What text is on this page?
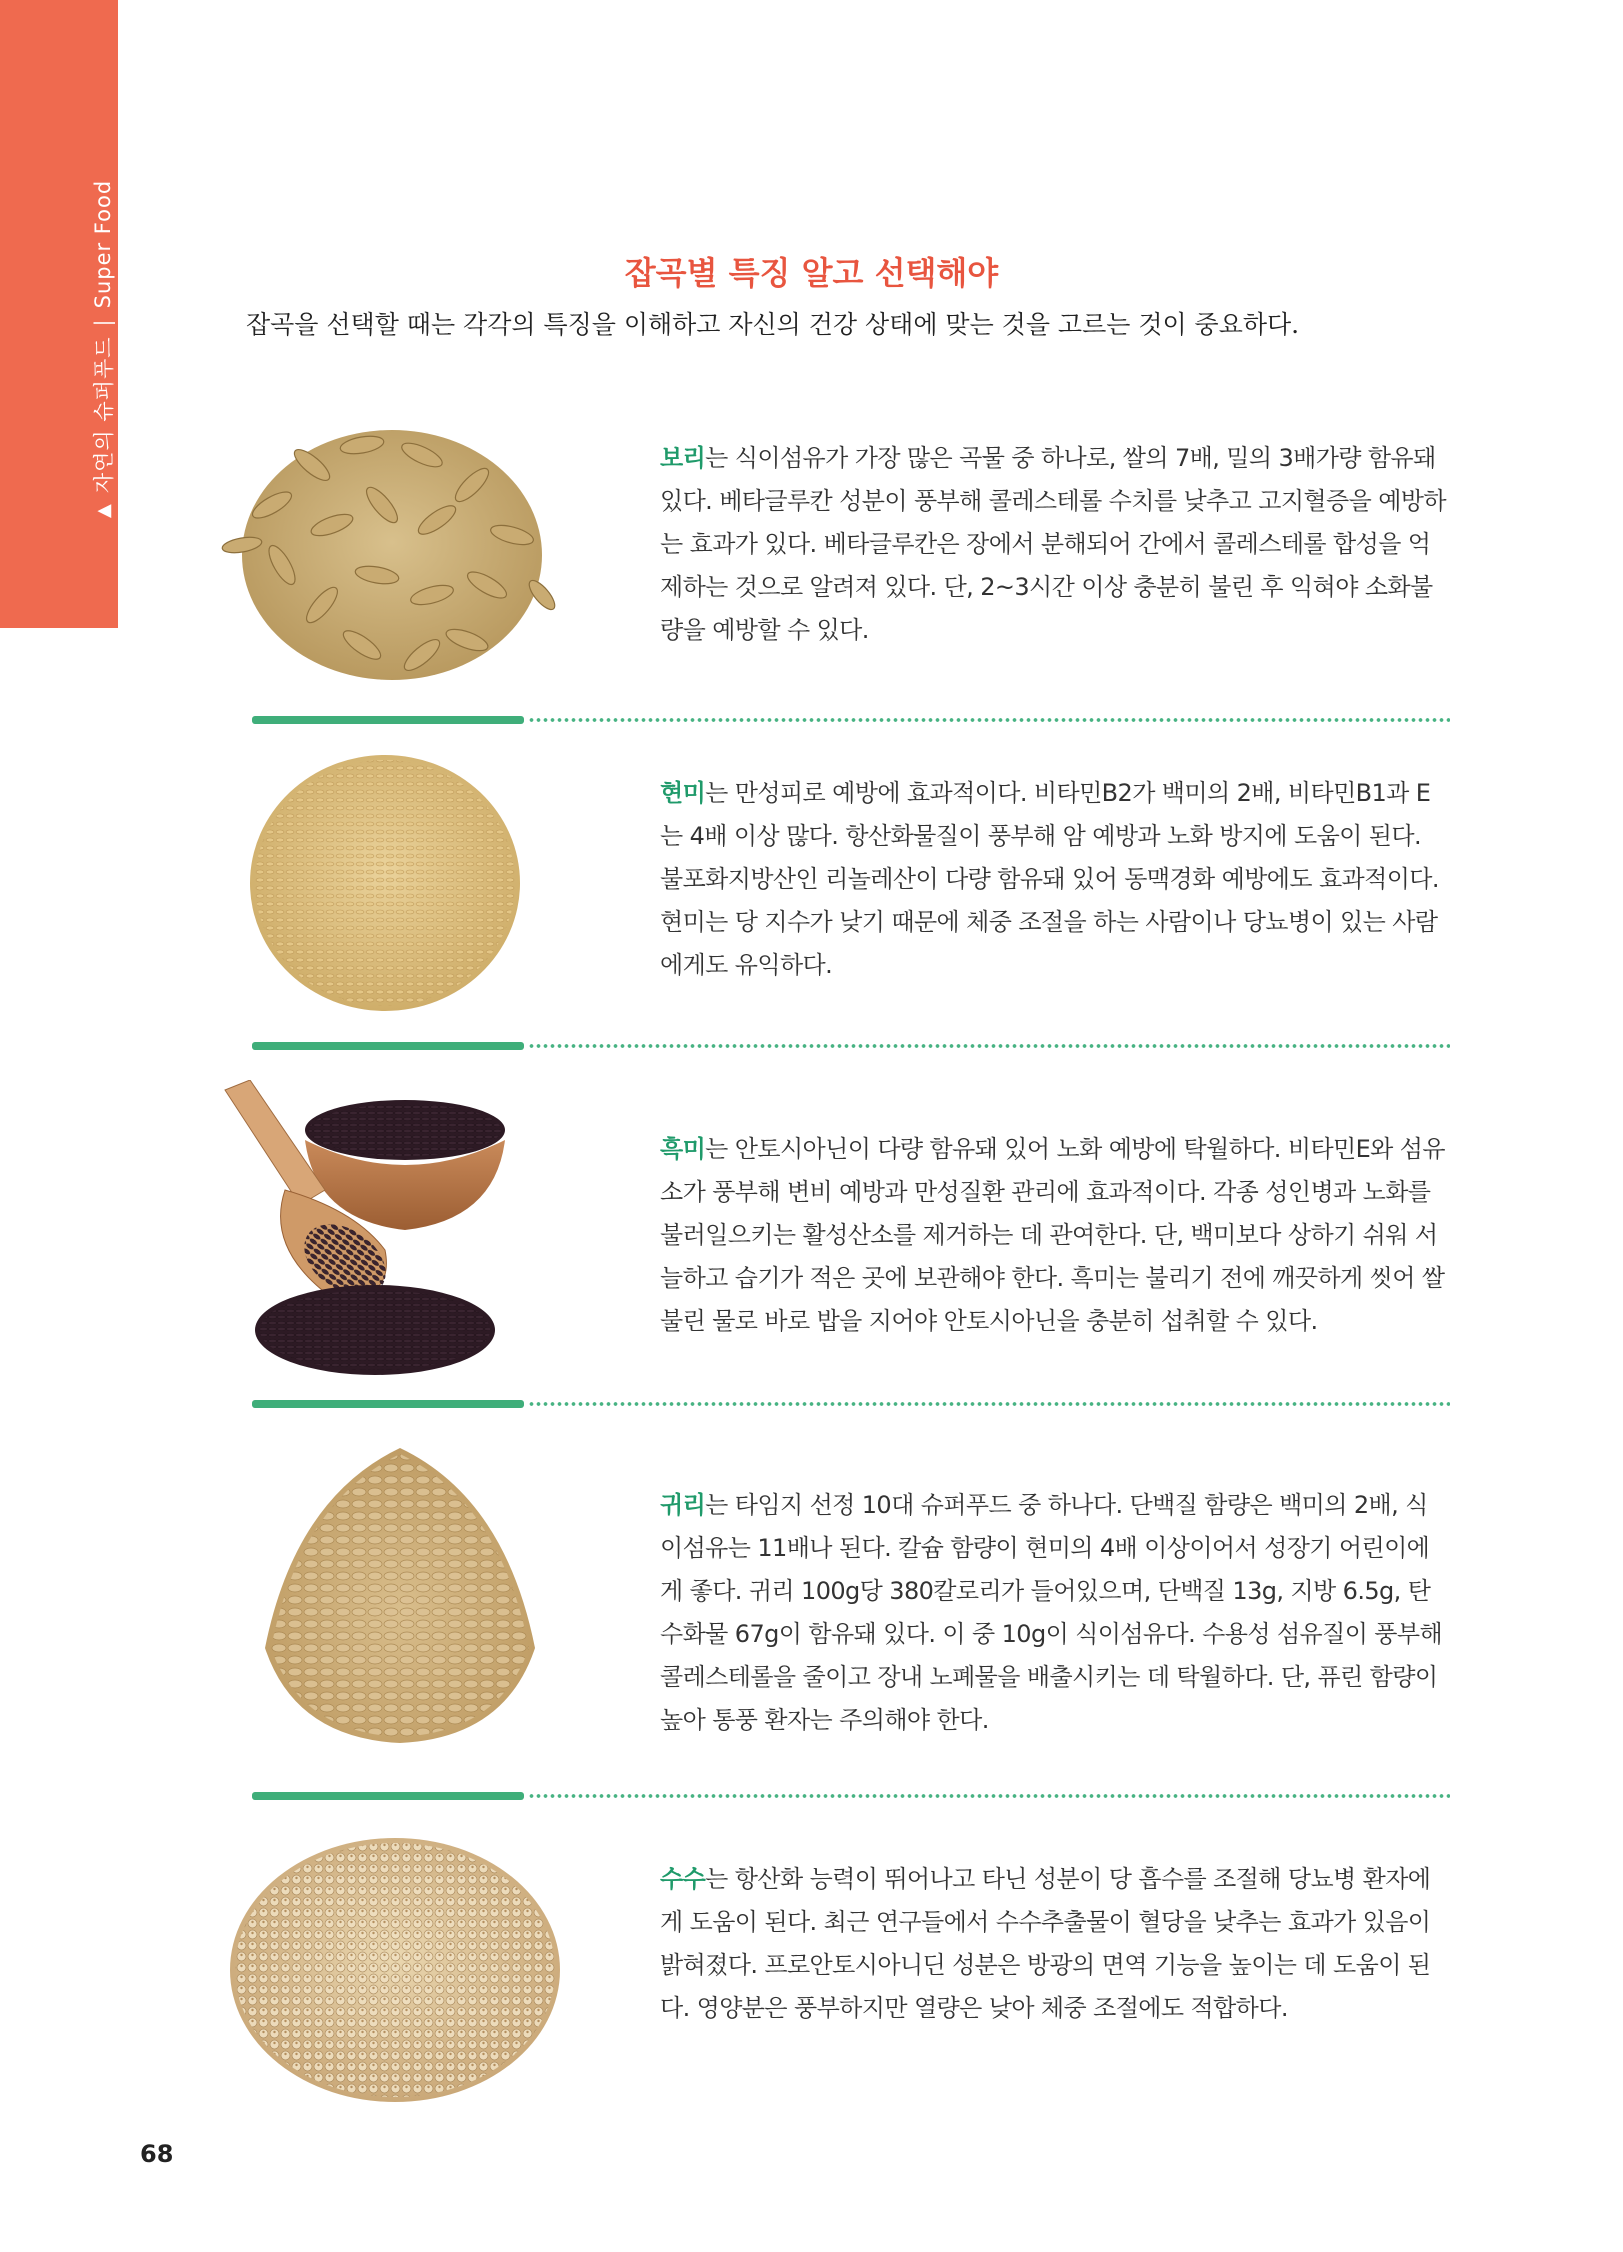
▲
자연의 슈퍼푸드
|
Super Food	잡곡별 특징 알고 선택해야

잡곡을 선택할 때는 각각의 특징을 이해하고 자신의 건강 상태에 맞는 것을 고르는 것이 중요하다.

보리는 식이섬유가 가장 많은 곡물 중 하나로, 쌀의 7배, 밀의 3배가량 함유돼 있다. 베타글루칸 성분이 풍부해 콜레스테롤 수치를 낮추고 고지혈증을 예방하는 효과가 있다. 베타글루칸은 장에서 분해되어 간에서 콜레스테롤 합성을 억제하는 것으로 알려져 있다. 단, 2~3시간 이상 충분히 불린 후 익혀야 소화불량을 예방할 수 있다.

현미는 만성피로 예방에 효과적이다. 비타민B2가 백미의 2배, 비타민B1과 E는 4배 이상 많다. 항산화물질이 풍부해 암 예방과 노화 방지에 도움이 된다. 불포화지방산인 리놀레산이 다량 함유돼 있어 동맥경화 예방에도 효과적이다. 현미는 당 지수가 낮기 때문에 체중 조절을 하는 사람이나 당뇨병이 있는 사람에게도 유익하다.

흑미는 안토시아닌이 다량 함유돼 있어 노화 예방에 탁월하다. 비타민E와 섬유소가 풍부해 변비 예방과 만성질환 관리에 효과적이다. 각종 성인병과 노화를 불러일으키는 활성산소를 제거하는 데 관여한다. 단, 백미보다 상하기 쉬워 서늘하고 습기가 적은 곳에 보관해야 한다. 흑미는 불리기 전에 깨끗하게 씻어 쌀 불린 물로 바로 밥을 지어야 안토시아닌을 충분히 섭취할 수 있다.

귀리는 타임지 선정 10대 슈퍼푸드 중 하나다. 단백질 함량은 백미의 2배, 식이섬유는 11배나 된다. 칼슘 함량이 현미의 4배 이상이어서 성장기 어린이에게 좋다. 귀리 100g당 380칼로리가 들어있으며, 단백질 13g, 지방 6.5g, 탄수화물 67g이 함유돼 있다. 이 중 10g이 식이섬유다. 수용성 섬유질이 풍부해 콜레스테롤을 줄이고 장내 노폐물을 배출시키는 데 탁월하다. 단, 퓨린 함량이 높아 통풍 환자는 주의해야 한다.

수수는 항산화 능력이 뛰어나고 타닌 성분이 당 흡수를 조절해 당뇨병 환자에게 도움이 된다. 최근 연구들에서 수수추출물이 혈당을 낮추는 효과가 있음이 밝혀졌다. 프로안토시아니딘 성분은 방광의 면역 기능을 높이는 데 도움이 된다. 영양분은 풍부하지만 열량은 낮아 체중 조절에도 적합하다.

68
